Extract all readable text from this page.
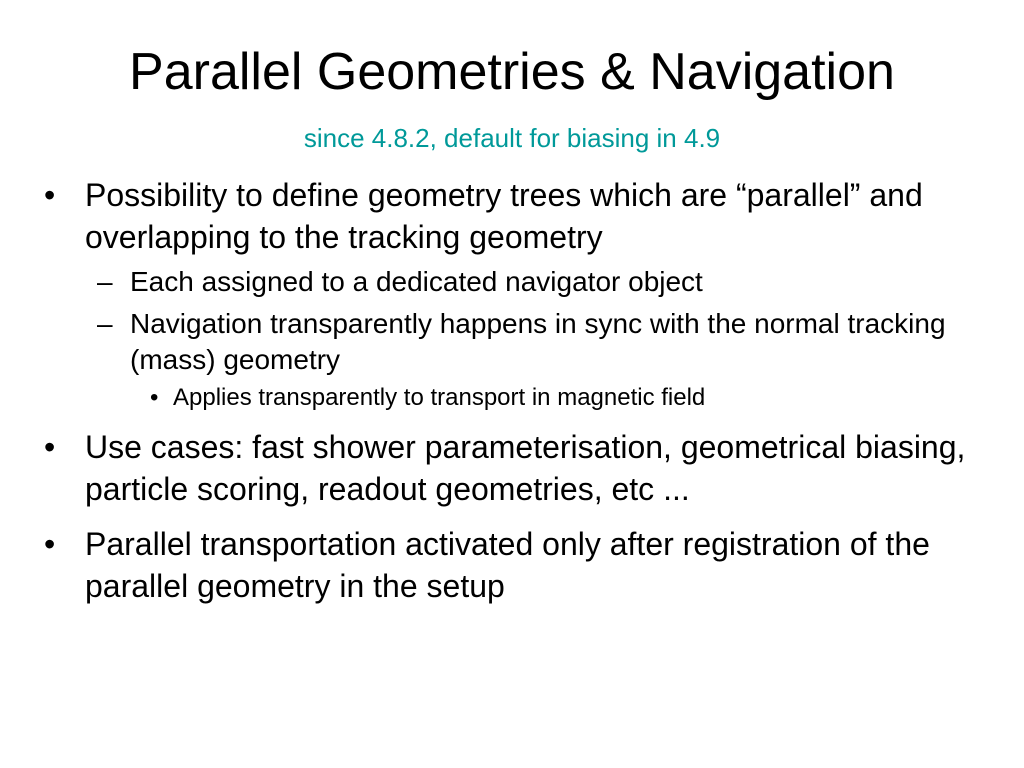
Parallel Geometries & Navigation
since 4.8.2, default for biasing in 4.9
• Possibility to define geometry trees which are “parallel” and overlapping to the tracking geometry
– Each assigned to a dedicated navigator object
– Navigation transparently happens in sync with the normal tracking (mass) geometry
• Applies transparently to transport in magnetic field
• Use cases: fast shower parameterisation, geometrical biasing, particle scoring, readout geometries, etc ...
• Parallel transportation activated only after registration of the parallel geometry in the setup
